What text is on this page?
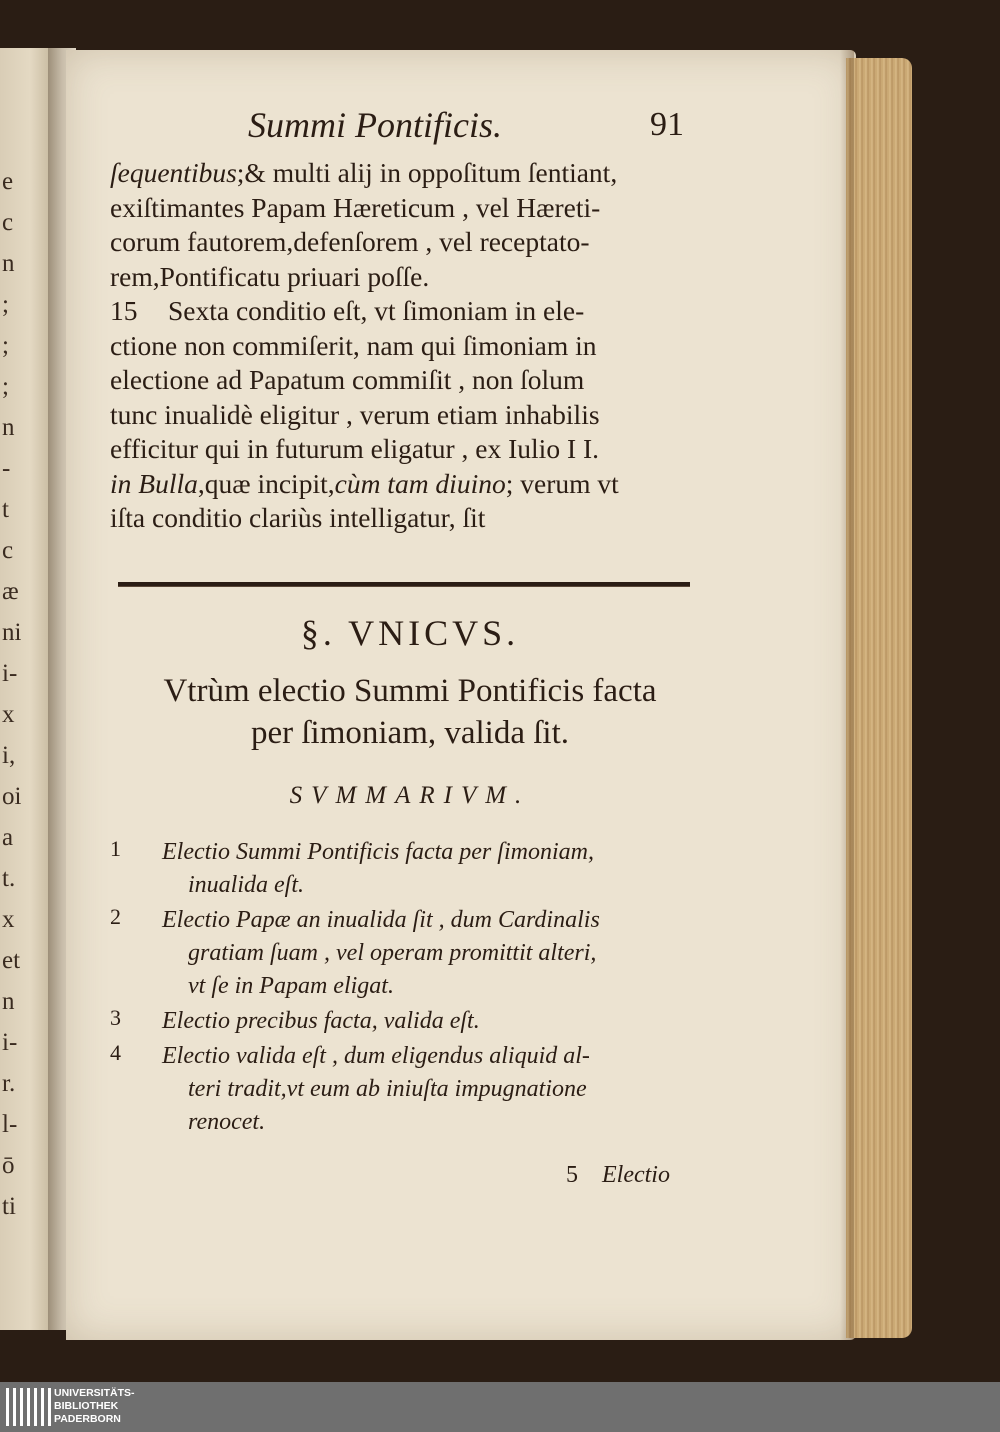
e
c
n
;
;
;
n
-
t
c
æ
ni
i-
x
i,
oi
a
t.
x
et
n
i-
r.
l-
ō
ti
Summi Pontificis.	91
ſequentibus;& multi alij in oppoſitum ſentiant,
exiſtimantes Papam Hæreticum , vel Hæreti-
corum fautorem,defenſorem , vel receptato-
rem,Pontificatu priuari poſſe.
15 Sexta conditio eſt, vt ſimoniam in ele-
ctione non commiſerit, nam qui ſimoniam in
electione ad Papatum commiſit , non ſolum
tunc inualidè eligitur , verum etiam inhabilis
efficitur qui in futurum eligatur , ex Iulio I I.
in Bulla,quæ incipit,cùm tam diuino; verum vt
iſta conditio clariùs intelligatur, ſit
§. VNICVS.
Vtrùm electio Summi Pontificis facta
per ſimoniam, valida ſit.
SVMMARIVM.
1 Electio Summi Pontificis facta per ſimoniam,
inualida eſt.
2 Electio Papæ an inualida ſit , dum Cardinalis
gratiam ſuam , vel operam promittit alteri,
vt ſe in Papam eligat.
3 Electio precibus facta, valida eſt.
4 Electio valida eſt , dum eligendus aliquid al-
teri tradit,vt eum ab iniuſta impugnatione
renocet.
5 Electio
UNIVERSITÄTS-
BIBLIOTHEK
PADERBORN
